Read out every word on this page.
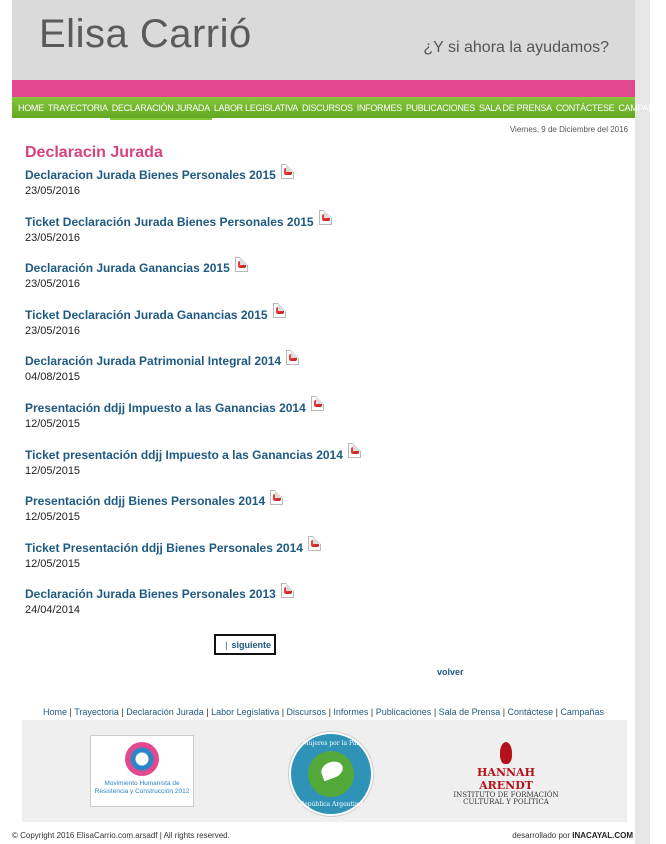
Elisa Carrió	¿Y si ahora la ayudamos?
HOME TRAYECTORIA DECLARACIÓN JURADA LABOR LEGISLATIVA DISCURSOS INFORMES PUBLICACIONES SALA DE PRENSA CONTÁCTESE CAMPAÑAS
Viernes, 9 de Diciembre del 2016
Declaracin Jurada
Declaracion Jurada Bienes Personales 2015
23/05/2016
Ticket Declaración Jurada Bienes Personales 2015
23/05/2016
Declaración Jurada Ganancias 2015
23/05/2016
Ticket Declaración Jurada Ganancias 2015
23/05/2016
Declaración Jurada Patrimonial Integral 2014
04/08/2015
Presentación ddjj Impuesto a las Ganancias 2014
12/05/2015
Ticket presentación ddjj Impuesto a las Ganancias 2014
12/05/2015
Presentación ddjj Bienes Personales 2014
12/05/2015
Ticket Presentación ddjj Bienes Personales 2014
12/05/2015
Declaración Jurada Bienes Personales 2013
24/04/2014
| siguiente
volver
Home | Trayectoria | Declaración Jurada | Labor Legislativa | Discursos | Informes | Publicaciones | Sala de Prensa | Contáctese | Campañas
Movimiento Humanista de Resistencia y Construcción 2012
Mujeres por la Paz
República Argentina
HANNAH ARENDT
INSTITUTO DE FORMACIÓN CULTURAL Y POLÍTICA
© Copyright 2016 ElisaCarrio.com.arsadf | All rights reserved.	desarrollado por INACAYAL.COM
